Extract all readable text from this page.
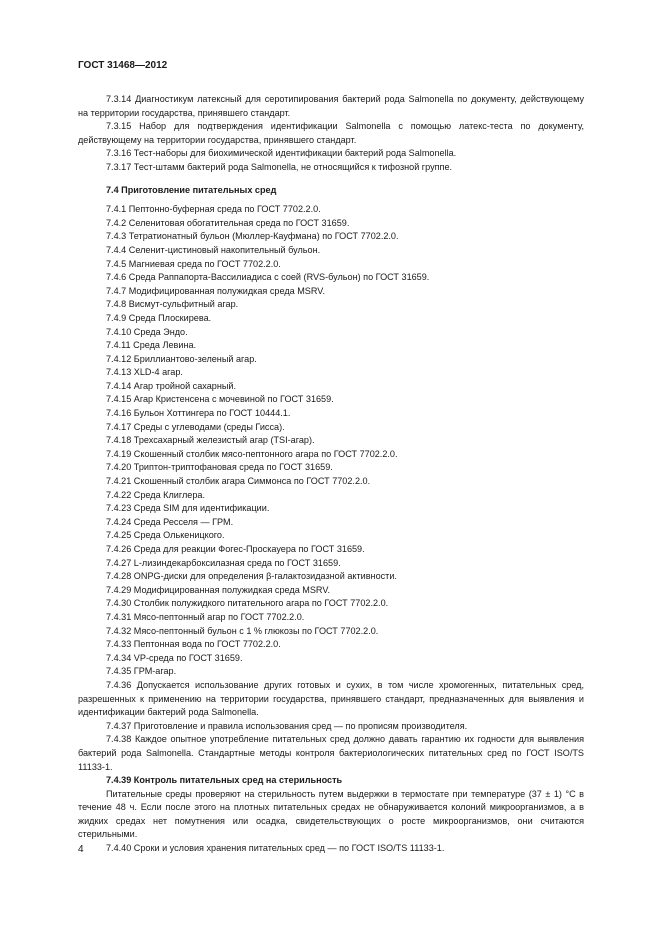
ГОСТ 31468—2012

7.3.14 Диагностикум латексный для серотипирования бактерий рода Salmonella по документу, действующему на территории государства, принявшего стандарт.

7.3.15 Набор для подтверждения идентификации Salmonella с помощью латекс-теста по документу, действующему на территории государства, принявшего стандарт.

7.3.16 Тест-наборы для биохимической идентификации бактерий рода Salmonella.

7.3.17 Тест-штамм бактерий рода Salmonella, не относящийся к тифозной группе.

7.4 Приготовление питательных сред
7.4.1 Пептонно-буферная среда по ГОСТ 7702.2.0.
7.4.2 Селенитовая обогатительная среда по ГОСТ 31659.
7.4.3 Тетратионатный бульон (Мюллер-Кауфмана) по ГОСТ 7702.2.0.
7.4.4 Селенит-цистиновый накопительный бульон.
7.4.5 Магниевая среда по ГОСТ 7702.2.0.
7.4.6 Среда Раппапорта-Вассилиадиса с соей (RVS-бульон) по ГОСТ 31659.
7.4.7 Модифицированная полужидкая среда MSRV.
7.4.8 Висмут-сульфитный агар.
7.4.9 Среда Плоскирева.
7.4.10 Среда Эндо.
7.4.11 Среда Левина.
7.4.12 Бриллиантово-зеленый агар.
7.4.13 XLD-4 агар.
7.4.14 Агар тройной сахарный.
7.4.15 Агар Кристенсена с мочевиной по ГОСТ 31659.
7.4.16 Бульон Хоттингера по ГОСТ 10444.1.
7.4.17 Среды с углеводами (среды Гисса).
7.4.18 Трехсахарный железистый агар (TSI-агар).
7.4.19 Скошенный столбик мясо-пептонного агара по ГОСТ 7702.2.0.
7.4.20 Триптон-триптофановая среда по ГОСТ 31659.
7.4.21 Скошенный столбик агара Симмонса по ГОСТ 7702.2.0.
7.4.22 Среда Клиглера.
7.4.23 Среда SIM для идентификации.
7.4.24 Среда Ресселя — ГРМ.
7.4.25 Среда Олькеницкого.
7.4.26 Среда для реакции Фогес-Проскауера по ГОСТ 31659.
7.4.27 L-лизиндекарбоксилазная среда по ГОСТ 31659.
7.4.28 ONPG-диски для определения β-галактозидазной активности.
7.4.29 Модифицированная полужидкая среда MSRV.
7.4.30 Столбик полужидкого питательного агара по ГОСТ 7702.2.0.
7.4.31 Мясо-пептонный агар по ГОСТ 7702.2.0.
7.4.32 Мясо-пептонный бульон с 1 % глюкозы по ГОСТ 7702.2.0.
7.4.33 Пептонная вода по ГОСТ 7702.2.0.
7.4.34 VP-среда по ГОСТ 31659.
7.4.35 ГРМ-агар.

7.4.36 Допускается использование других готовых и сухих, в том числе хромогенных, питательных сред, разрешенных к применению на территории государства, принявшего стандарт, предназначенных для выявления и идентификации бактерий рода Salmonella.

7.4.37 Приготовление и правила использования сред — по прописям производителя.

7.4.38 Каждое опытное употребление питательных сред должно давать гарантию их годности для выявления бактерий рода Salmonella. Стандартные методы контроля бактериологических питательных сред по ГОСТ ISO/TS 11133-1.

7.4.39 Контроль питательных сред на стерильность

Питательные среды проверяют на стерильность путем выдержки в термостате при температуре (37 ± 1) °С в течение 48 ч. Если после этого на плотных питательных средах не обнаруживается колоний микроорганизмов, а в жидких средах нет помутнения или осадка, свидетельствующих о росте микроорганизмов, они считаются стерильными.

7.4.40 Сроки и условия хранения питательных сред — по ГОСТ ISO/TS 11133-1.

4
